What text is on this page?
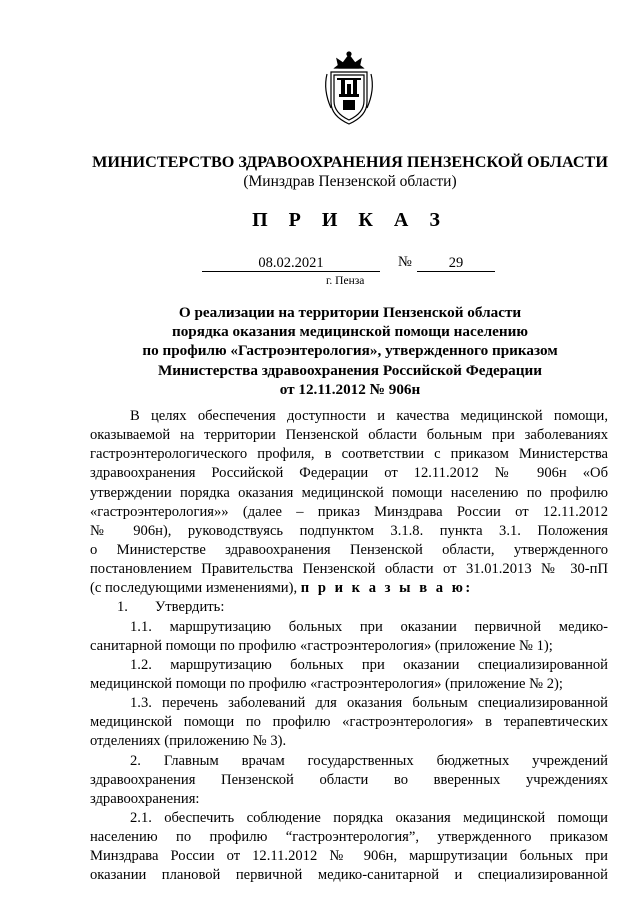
МИНИСТЕРСТВО ЗДРАВООХРАНЕНИЯ ПЕНЗЕНСКОЙ ОБЛАСТИ
(Минздрав Пензенской области)
П Р И К А З
08.02.2021	№	29
г. Пенза
О реализации на территории Пензенской области
порядка оказания медицинской помощи населению
по профилю «Гастроэнтерология», утвержденного приказом
Министерства здравоохранения Российской Федерации
от 12.11.2012 № 906н
В целях обеспечения доступности и качества медицинской помощи,
оказываемой на территории Пензенской области больным при заболеваниях
гастроэнтерологического профиля, в соответствии с приказом Министерства
здравоохранения Российской Федерации от 12.11.2012 № 906н «Об
утверждении порядка оказания медицинской помощи населению по профилю
«гастроэнтерология»» (далее – приказ Минздрава России от 12.11.2012
№ 906н), руководствуясь подпунктом 3.1.8. пункта 3.1. Положения
о Министерстве здравоохранения Пензенской области, утвержденного
постановлением Правительства Пензенской области от 31.01.2013 № 30-пП
(с последующими изменениями), п р и к а з ы в а ю:
1. Утвердить:
1.1. маршрутизацию больных при оказании первичной медико-
санитарной помощи по профилю «гастроэнтерология» (приложение № 1);
1.2. маршрутизацию больных при оказании специализированной
медицинской помощи по профилю «гастроэнтерология» (приложение № 2);
1.3. перечень заболеваний для оказания больным специализированной
медицинской помощи по профилю «гастроэнтерология» в терапевтических
отделениях (приложению № 3).
2. Главным врачам государственных бюджетных учреждений
здравоохранения Пензенской области во вверенных учреждениях
здравоохранения:
2.1. обеспечить соблюдение порядка оказания медицинской помощи
населению по профилю “гастроэнтерология”, утвержденного приказом
Минздрава России от 12.11.2012 № 906н, маршрутизации больных при
оказании плановой первичной медико-санитарной и специализированной
